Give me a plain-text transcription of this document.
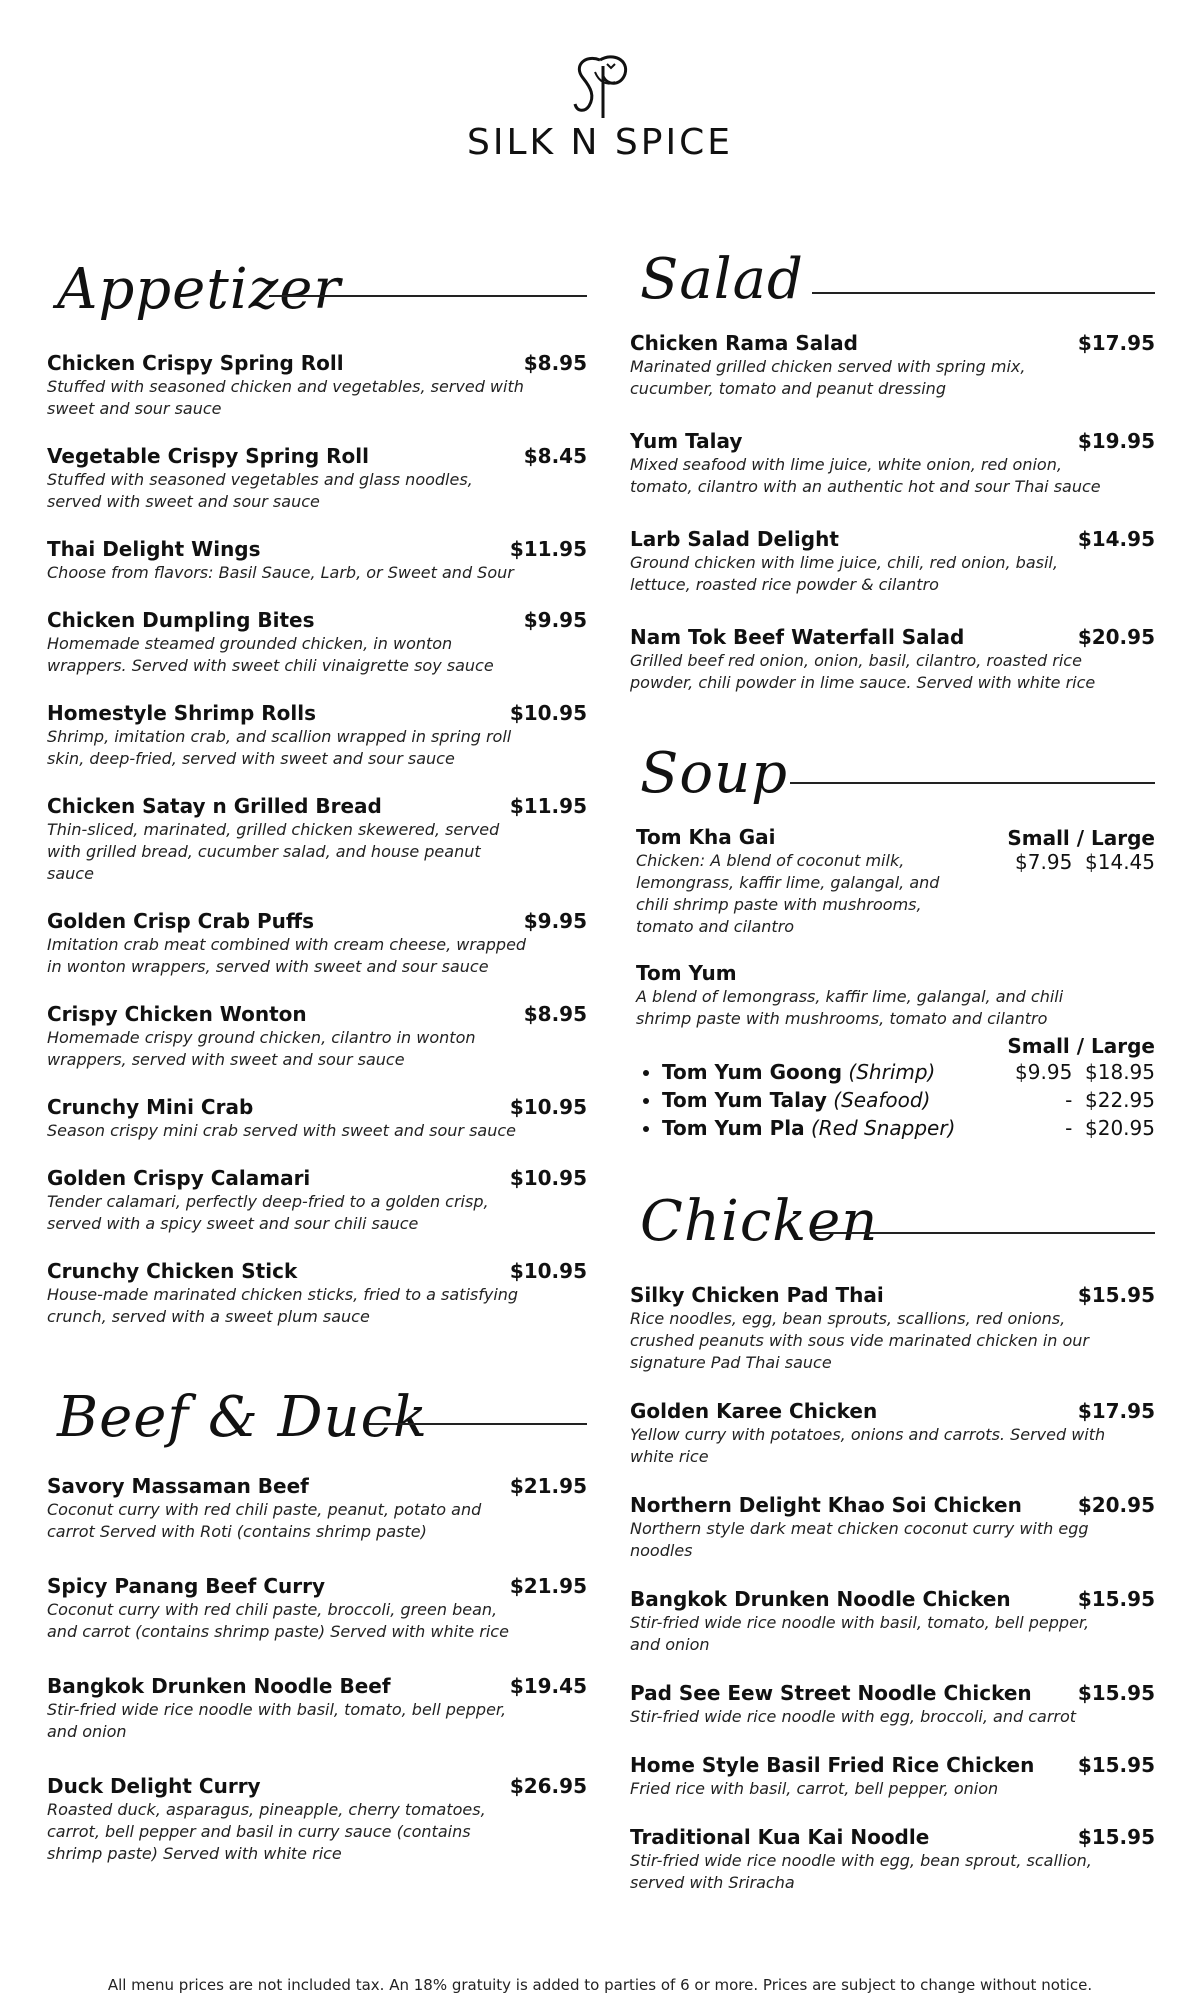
SILK N SPICE
Appetizer
Chicken Crispy Spring Roll	$8.95
Stuffed with seasoned chicken and vegetables, served with sweet and sour sauce
Vegetable Crispy Spring Roll	$8.45
Stuffed with seasoned vegetables and glass noodles, served with sweet and sour sauce
Thai Delight Wings	$11.95
Choose from flavors: Basil Sauce, Larb, or Sweet and Sour
Chicken Dumpling Bites	$9.95
Homemade steamed grounded chicken, in wonton wrappers. Served with sweet chili vinaigrette soy sauce
Homestyle Shrimp Rolls	$10.95
Shrimp, imitation crab, and scallion wrapped in spring roll skin, deep-fried, served with sweet and sour sauce
Chicken Satay n Grilled Bread	$11.95
Thin-sliced, marinated, grilled chicken skewered, served with grilled bread, cucumber salad, and house peanut sauce
Golden Crisp Crab Puffs	$9.95
Imitation crab meat combined with cream cheese, wrapped in wonton wrappers, served with sweet and sour sauce
Crispy Chicken Wonton	$8.95
Homemade crispy ground chicken, cilantro in wonton wrappers, served with sweet and sour sauce
Crunchy Mini Crab	$10.95
Season crispy mini crab served with sweet and sour sauce
Golden Crispy Calamari	$10.95
Tender calamari, perfectly deep-fried to a golden crisp, served with a spicy sweet and sour chili sauce
Crunchy Chicken Stick	$10.95
House-made marinated chicken sticks, fried to a satisfying crunch, served with a sweet plum sauce
Beef & Duck
Savory Massaman Beef	$21.95
Coconut curry with red chili paste, peanut, potato and carrot Served with Roti (contains shrimp paste)
Spicy Panang Beef Curry	$21.95
Coconut curry with red chili paste, broccoli, green bean, and carrot (contains shrimp paste) Served with white rice
Bangkok Drunken Noodle Beef	$19.45
Stir-fried wide rice noodle with basil, tomato, bell pepper, and onion
Duck Delight Curry	$26.95
Roasted duck, asparagus, pineapple, cherry tomatoes, carrot, bell pepper and basil in curry sauce (contains shrimp paste) Served with white rice
Salad
Chicken Rama Salad	$17.95
Marinated grilled chicken served with spring mix, cucumber, tomato and peanut dressing
Yum Talay	$19.95
Mixed seafood with lime juice, white onion, red onion, tomato, cilantro with an authentic hot and sour Thai sauce
Larb Salad Delight	$14.95
Ground chicken with lime juice, chili, red onion, basil, lettuce, roasted rice powder & cilantro
Nam Tok Beef Waterfall Salad	$20.95
Grilled beef red onion, onion, basil, cilantro, roasted rice powder, chili powder in lime sauce. Served with white rice
Soup
Tom Kha Gai	Small / Large
$7.95 $14.45
Chicken: A blend of coconut milk, lemongrass, kaffir lime, galangal, and chili shrimp paste with mushrooms, tomato and cilantro
Tom Yum
A blend of lemongrass, kaffir lime, galangal, and chili shrimp paste with mushrooms, tomato and cilantro
Small / Large
• Tom Yum Goong (Shrimp)	$9.95  $18.95
• Tom Yum Talay (Seafood)	-  $22.95
• Tom Yum Pla (Red Snapper)	-  $20.95
Chicken
Silky Chicken Pad Thai	$15.95
Rice noodles, egg, bean sprouts, scallions, red onions, crushed peanuts with sous vide marinated chicken in our signature Pad Thai sauce
Golden Karee Chicken	$17.95
Yellow curry with potatoes, onions and carrots. Served with white rice
Northern Delight Khao Soi Chicken	$20.95
Northern style dark meat chicken coconut curry with egg noodles
Bangkok Drunken Noodle Chicken	$15.95
Stir-fried wide rice noodle with basil, tomato, bell pepper, and onion
Pad See Eew Street Noodle Chicken	$15.95
Stir-fried wide rice noodle with egg, broccoli, and carrot
Home Style Basil Fried Rice Chicken	$15.95
Fried rice with basil, carrot, bell pepper, onion
Traditional Kua Kai Noodle	$15.95
Stir-fried wide rice noodle with egg, bean sprout, scallion, served with Sriracha
All menu prices are not included tax. An 18% gratuity is added to parties of 6 or more. Prices are subject to change without notice.
